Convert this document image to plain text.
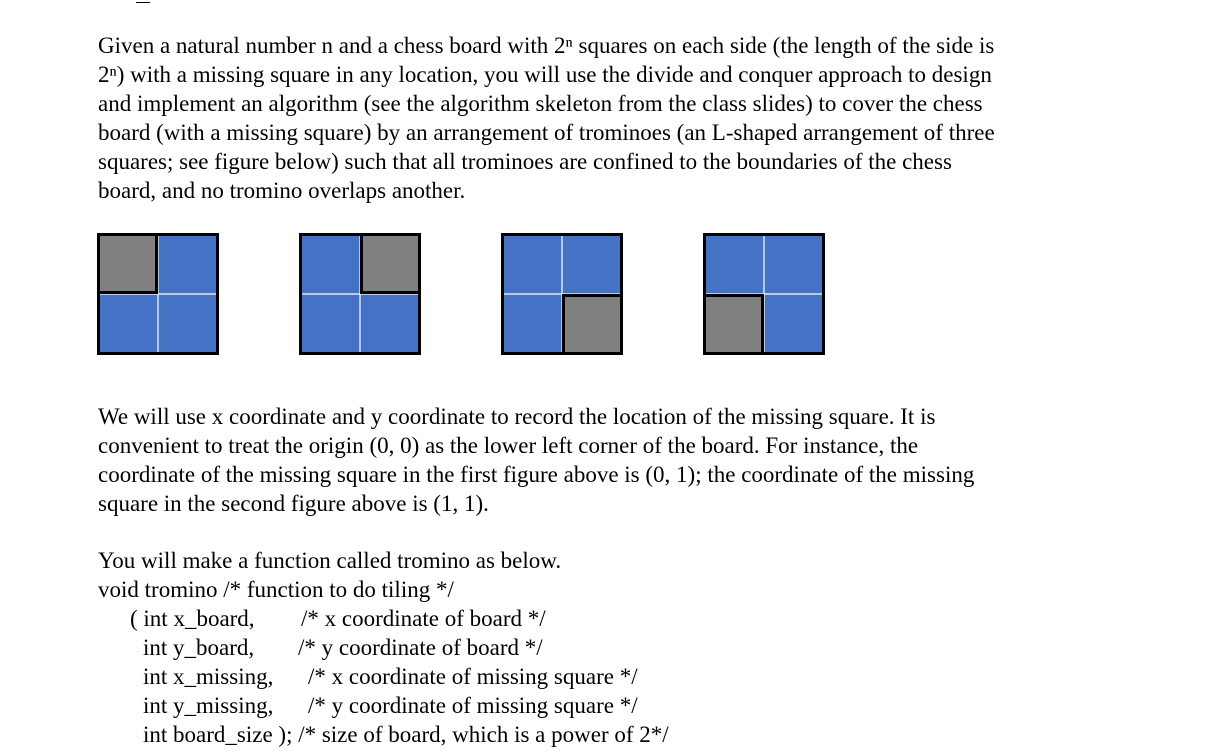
Given a natural number n and a chess board with 2ⁿ squares on each side (the length of the side is
2ⁿ) with a missing square in any location, you will use the divide and conquer approach to design
and implement an algorithm (see the algorithm skeleton from the class slides) to cover the chess
board (with a missing square) by an arrangement of trominoes (an L-shaped arrangement of three
squares; see figure below) such that all trominoes are confined to the boundaries of the chess
board, and no tromino overlaps another.

We will use x coordinate and y coordinate to record the location of the missing square. It is
convenient to treat the origin (0, 0) as the lower left corner of the board. For instance, the
coordinate of the missing square in the first figure above is (0, 1); the coordinate of the missing
square in the second figure above is (1, 1).

You will make a function called tromino as below.
void tromino /* function to do tiling */
( int x_board, /* x coordinate of board */
int y_board, /* y coordinate of board */
int x_missing, /* x coordinate of missing square */
int y_missing, /* y coordinate of missing square */
int board_size ); /* size of board, which is a power of 2*/
